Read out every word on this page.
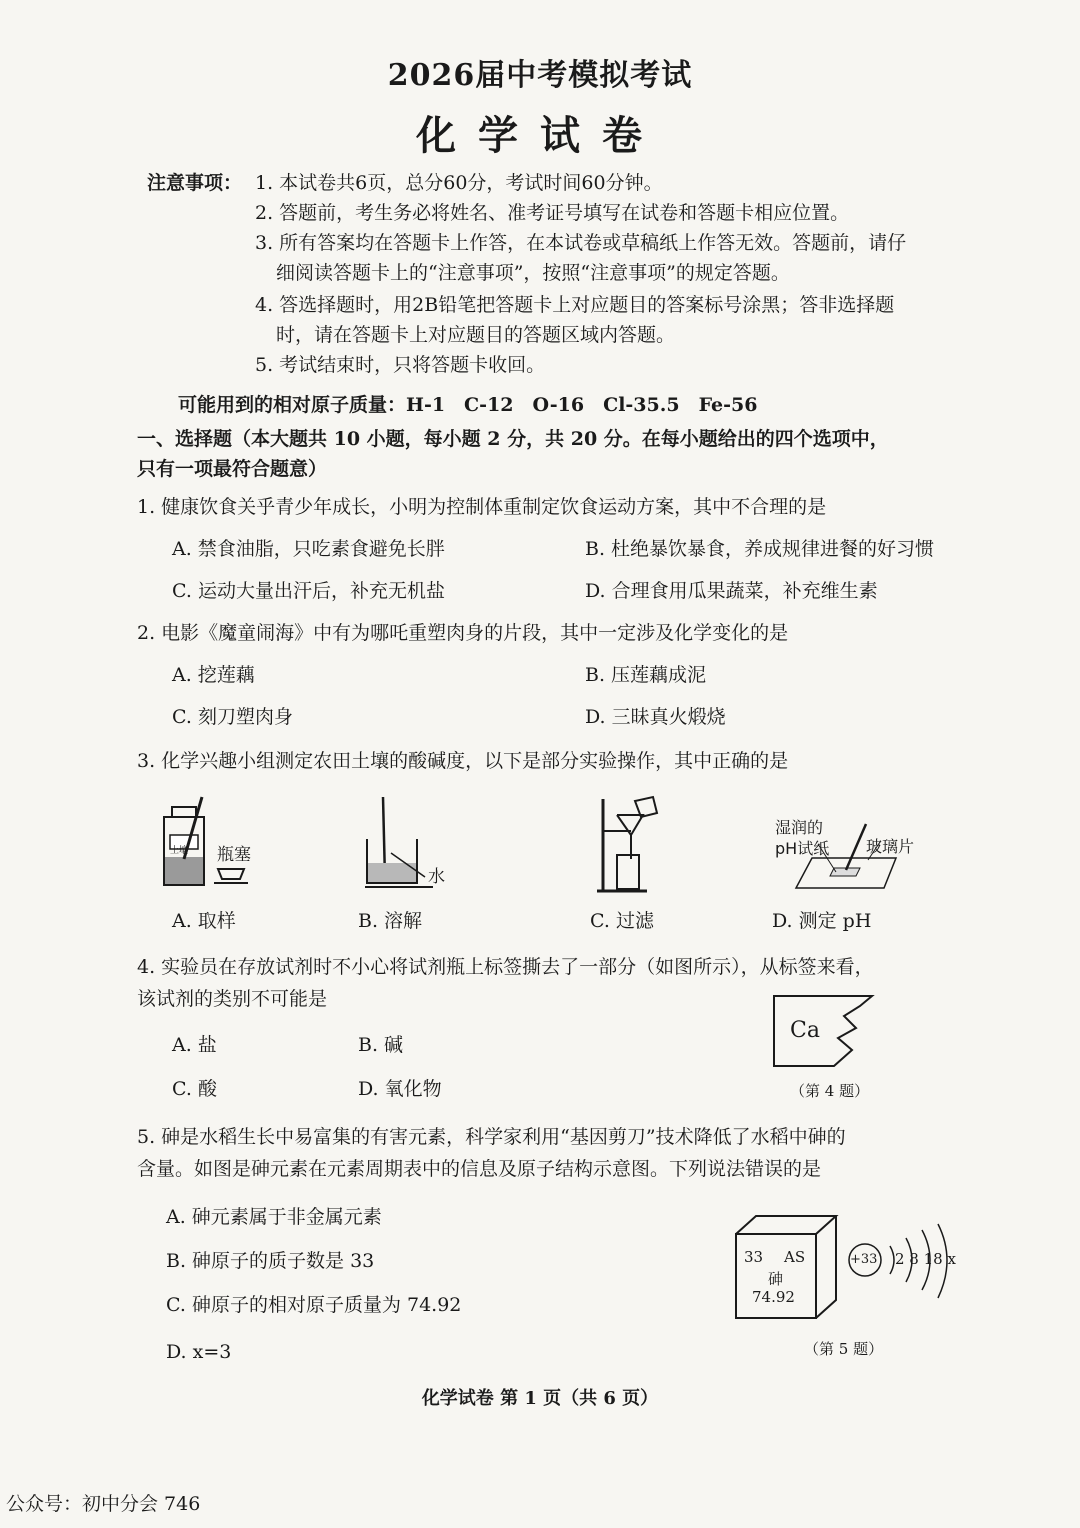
2026届中考模拟考试
化学试卷
注意事项： 1. 本试卷共6页，总分60分，考试时间60分钟。
2. 答题前，考生务必将姓名、准考证号填写在试卷和答题卡相应位置。
3. 所有答案均在答题卡上作答，在本试卷或草稿纸上作答无效。答题前，请仔
细阅读答题卡上的“注意事项”，按照“注意事项”的规定答题。
4. 答选择题时，用2B铅笔把答题卡上对应题目的答案标号涂黑；答非选择题
时，请在答题卡上对应题目的答题区域内答题。
5. 考试结束时，只将答题卡收回。
可能用到的相对原子质量：H-1　C-12　O-16　Cl-35.5　Fe-56
一、选择题（本大题共 10 小题，每小题 2 分，共 20 分。在每小题给出的四个选项中，
只有一项最符合题意）
1. 健康饮食关乎青少年成长，小明为控制体重制定饮食运动方案，其中不合理的是
A. 禁食油脂，只吃素食避免长胖	B. 杜绝暴饮暴食，养成规律进餐的好习惯
C. 运动大量出汗后，补充无机盐	D. 合理食用瓜果蔬菜，补充维生素
2. 电影《魔童闹海》中有为哪吒重塑肉身的片段，其中一定涉及化学变化的是
A. 挖莲藕	B. 压莲藕成泥
C. 刻刀塑肉身	D. 三昧真火煅烧
3. 化学兴趣小组测定农田土壤的酸碱度，以下是部分实验操作，其中正确的是
土壤 瓶塞
水
湿润的
pH试纸 玻璃片
A. 取样	B. 溶解	C. 过滤	D. 测定 pH
4. 实验员在存放试剂时不小心将试剂瓶上标签撕去了一部分（如图所示），从标签来看，
该试剂的类别不可能是
A. 盐	B. 碱
C. 酸	D. 氧化物
Ca
（第 4 题）
5. 砷是水稻生长中易富集的有害元素，科学家利用“基因剪刀”技术降低了水稻中砷的
含量。如图是砷元素在元素周期表中的信息及原子结构示意图。下列说法错误的是
A. 砷元素属于非金属元素
B. 砷原子的质子数是 33
C. 砷原子的相对原子质量为 74.92
D. x=3
33 AS
砷
74.92
+33 2 8 18 x
（第 5 题）
化学试卷 第 1 页（共 6 页）
公众号：初中分会 746
